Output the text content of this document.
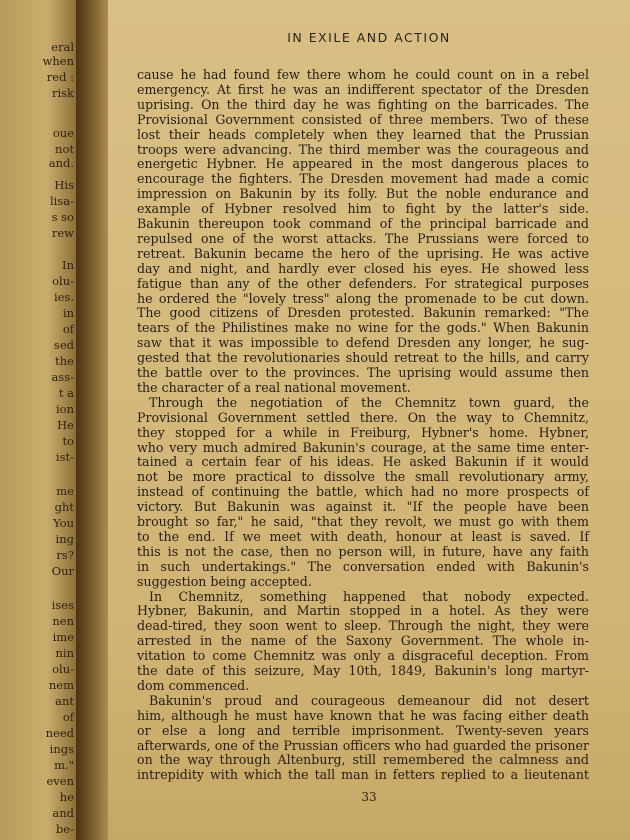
eral
when
red :
risk
oue
not
and.
His
lisa-
s so
rew
In
olu-
ies.
in
of
sed
the
ass-
t a
ion
He
to
ist-
me
ght
You
ing
rs?
Our
ises
nen
ime
nin
olu-
nem
ant
of
need
ings
m."
even
he
and
be-
IN EXILE AND ACTION
cause he had found few there whom he could count on in a rebel
emergency. At first he was an indifferent spectator of the Dresden
uprising. On the third day he was fighting on the barricades. The
Provisional Government consisted of three members. Two of these
lost their heads completely when they learned that the Prussian
troops were advancing. The third member was the courageous and
energetic Hybner. He appeared in the most dangerous places to
encourage the fighters. The Dresden movement had made a comic
impression on Bakunin by its folly. But the noble endurance and
example of Hybner resolved him to fight by the latter's side.
Bakunin thereupon took command of the principal barricade and
repulsed one of the worst attacks. The Prussians were forced to
retreat. Bakunin became the hero of the uprising. He was active
day and night, and hardly ever closed his eyes. He showed less
fatigue than any of the other defenders. For strategical purposes
he ordered the "lovely tress" along the promenade to be cut down.
The good citizens of Dresden protested. Bakunin remarked: "The
tears of the Philistines make no wine for the gods." When Bakunin
saw that it was impossible to defend Dresden any longer, he sug-
gested that the revolutionaries should retreat to the hills, and carry
the battle over to the provinces. The uprising would assume then
the character of a real national movement.
Through the negotiation of the Chemnitz town guard, the
Provisional Government settled there. On the way to Chemnitz,
they stopped for a while in Freiburg, Hybner's home. Hybner,
who very much admired Bakunin's courage, at the same time enter-
tained a certain fear of his ideas. He asked Bakunin if it would
not be more practical to dissolve the small revolutionary army,
instead of continuing the battle, which had no more prospects of
victory. But Bakunin was against it. "If the people have been
brought so far," he said, "that they revolt, we must go with them
to the end. If we meet with death, honour at least is saved. If
this is not the case, then no person will, in future, have any faith
in such undertakings." The conversation ended with Bakunin's
suggestion being accepted.
In Chemnitz, something happened that nobody expected.
Hybner, Bakunin, and Martin stopped in a hotel. As they were
dead-tired, they soon went to sleep. Through the night, they were
arrested in the name of the Saxony Government. The whole in-
vitation to come Chemnitz was only a disgraceful deception. From
the date of this seizure, May 10th, 1849, Bakunin's long martyr-
dom commenced.
Bakunin's proud and courageous demeanour did not desert
him, although he must have known that he was facing either death
or else a long and terrible imprisonment. Twenty-seven years
afterwards, one of the Prussian officers who had guarded the prisoner
on the way through Altenburg, still remembered the calmness and
intrepidity with which the tall man in fetters replied to a lieutenant
33
